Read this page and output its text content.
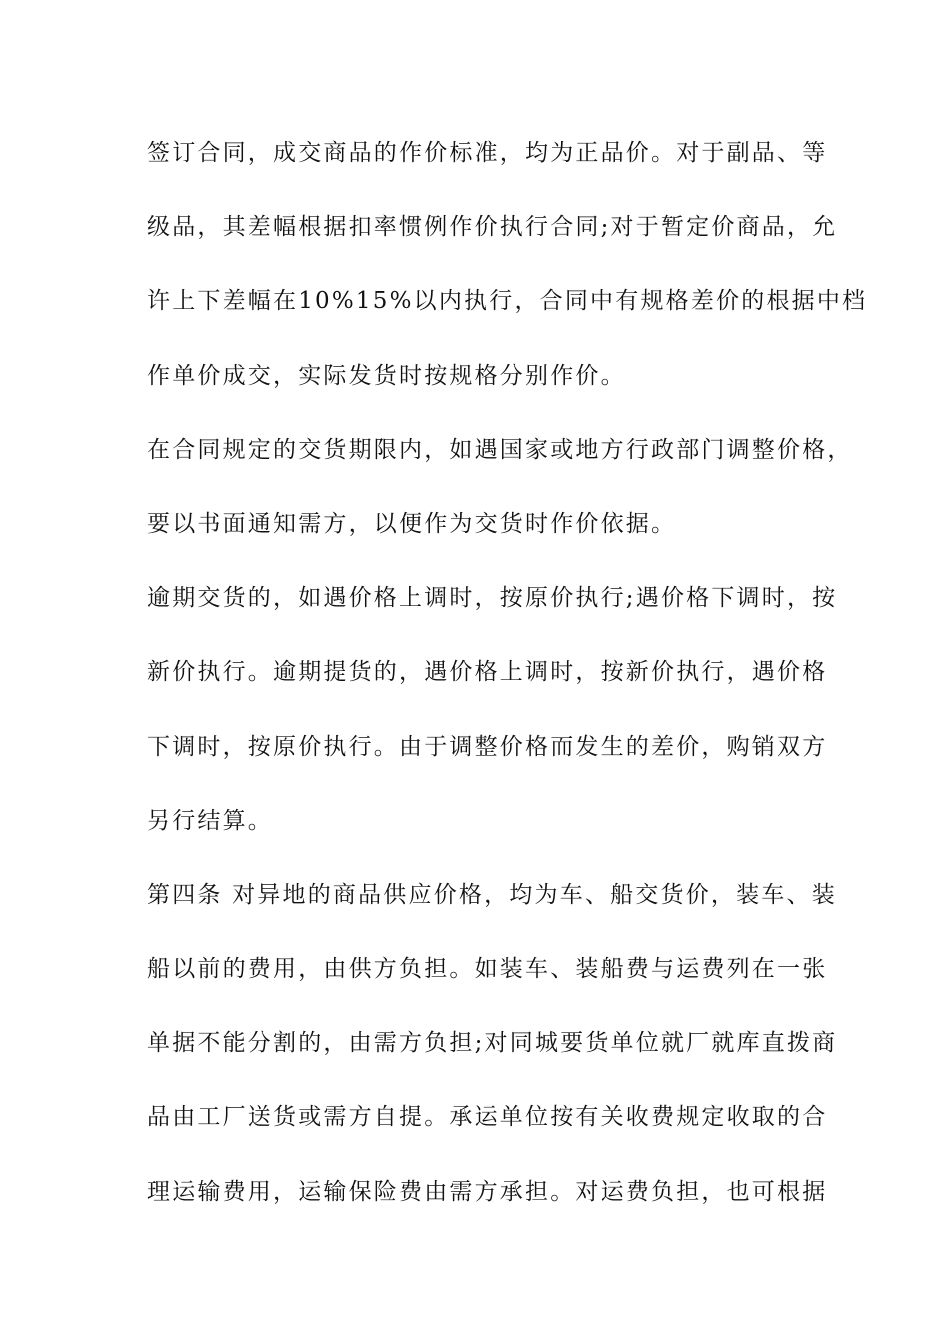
签订合同，成交商品的作价标准，均为正品价。对于副品、等
级品，其差幅根据扣率惯例作价执行合同;对于暂定价商品，允
许上下差幅在10%15%以内执行，合同中有规格差价的根据中档
作单价成交，实际发货时按规格分别作价。
在合同规定的交货期限内，如遇国家或地方行政部门调整价格，
要以书面通知需方，以便作为交货时作价依据。
逾期交货的，如遇价格上调时，按原价执行;遇价格下调时，按
新价执行。逾期提货的，遇价格上调时，按新价执行，遇价格
下调时，按原价执行。由于调整价格而发生的差价，购销双方
另行结算。
第四条 对异地的商品供应价格，均为车、船交货价，装车、装
船以前的费用，由供方负担。如装车、装船费与运费列在一张
单据不能分割的，由需方负担;对同城要货单位就厂就库直拨商
品由工厂送货或需方自提。承运单位按有关收费规定收取的合
理运输费用，运输保险费由需方承担。对运费负担，也可根据
